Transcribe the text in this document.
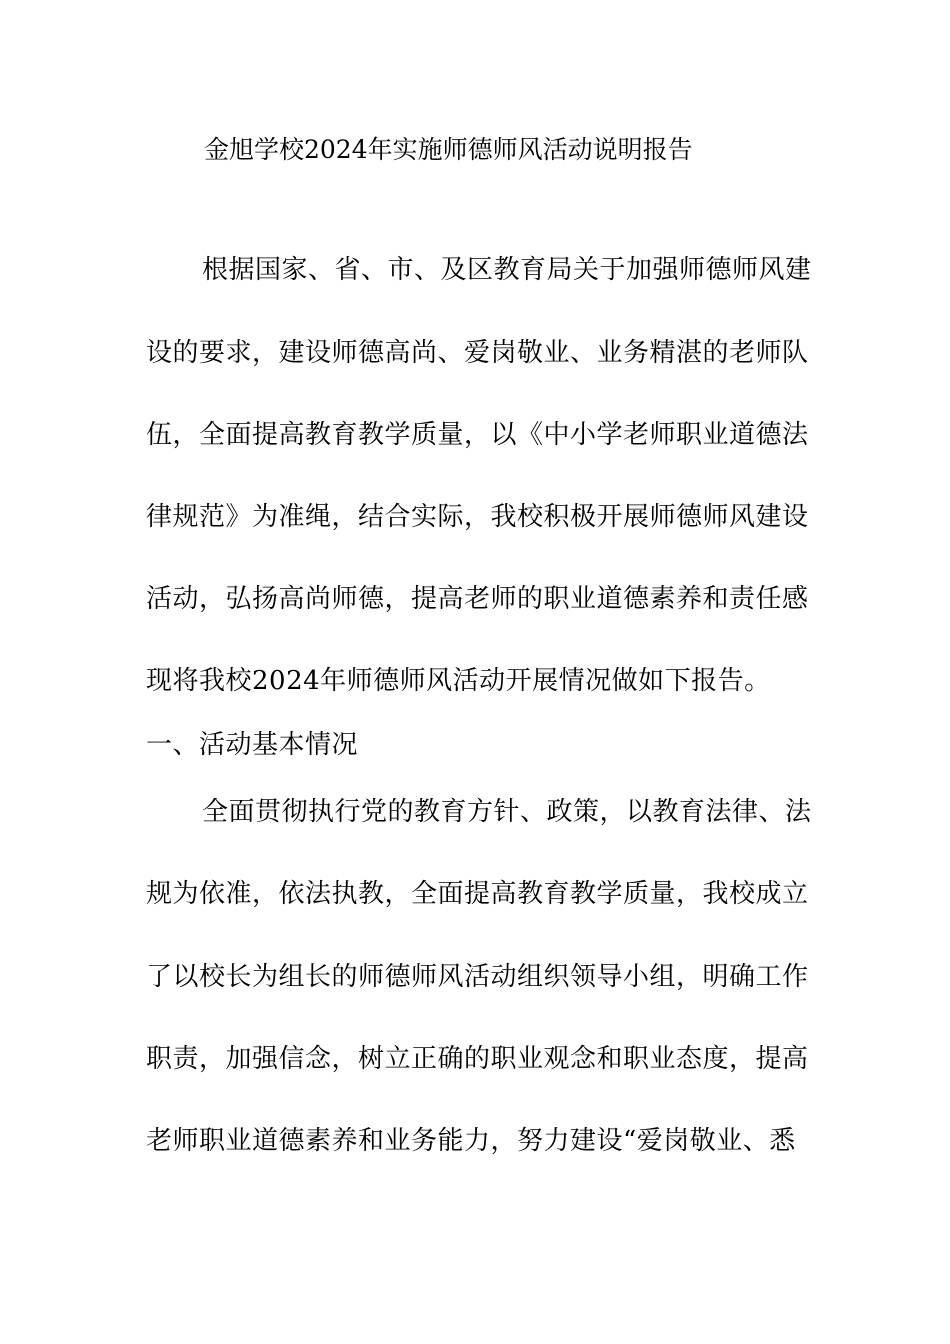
金旭学校2024年实施师德师风活动说明报告
根据国家、省、市、及区教育局关于加强师德师风建
设的要求，建设师德高尚、爱岗敬业、业务精湛的老师队
伍，全面提高教育教学质量，以《中小学老师职业道德法
律规范》为准绳，结合实际，我校积极开展师德师风建设
活动，弘扬高尚师德，提高老师的职业道德素养和责任感
现将我校2024年师德师风活动开展情况做如下报告。
一、活动基本情况
全面贯彻执行党的教育方针、政策，以教育法律、法
规为依准，依法执教，全面提高教育教学质量，我校成立
了以校长为组长的师德师风活动组织领导小组，明确工作
职责，加强信念，树立正确的职业观念和职业态度，提高
老师职业道德素养和业务能力，努力建设“爱岗敬业、悉
